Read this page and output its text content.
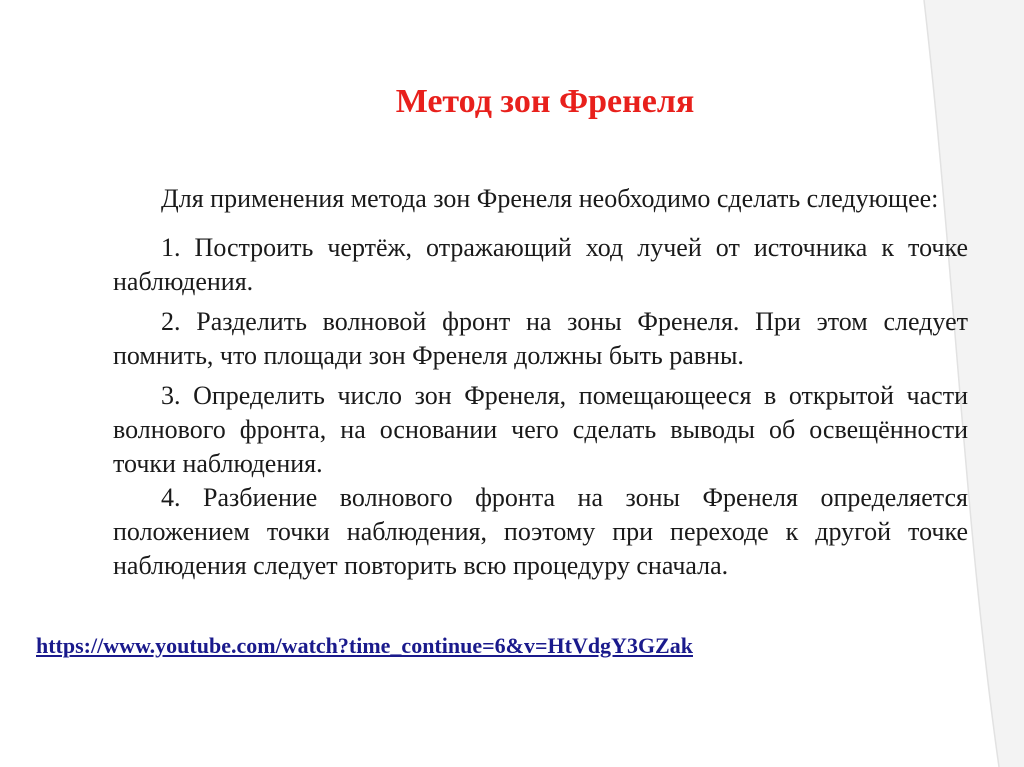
Метод зон Френеля

Для применения метода зон Френеля необходимо сделать следующее:

1. Построить чертёж, отражающий ход лучей от источника к точке наблюдения.

2. Разделить волновой фронт на зоны Френеля. При этом следует помнить, что площади зон Френеля должны быть равны.

3. Определить число зон Френеля, помещающееся в открытой части волнового фронта, на основании чего сделать выводы об освещённости точки наблюдения.

4. Разбиение волнового фронта на зоны Френеля определяется положением точки наблюдения, поэтому при переходе к другой точке наблюдения следует повторить всю процедуру сначала.

https://www.youtube.com/watch?time_continue=6&v=HtVdgY3GZak
